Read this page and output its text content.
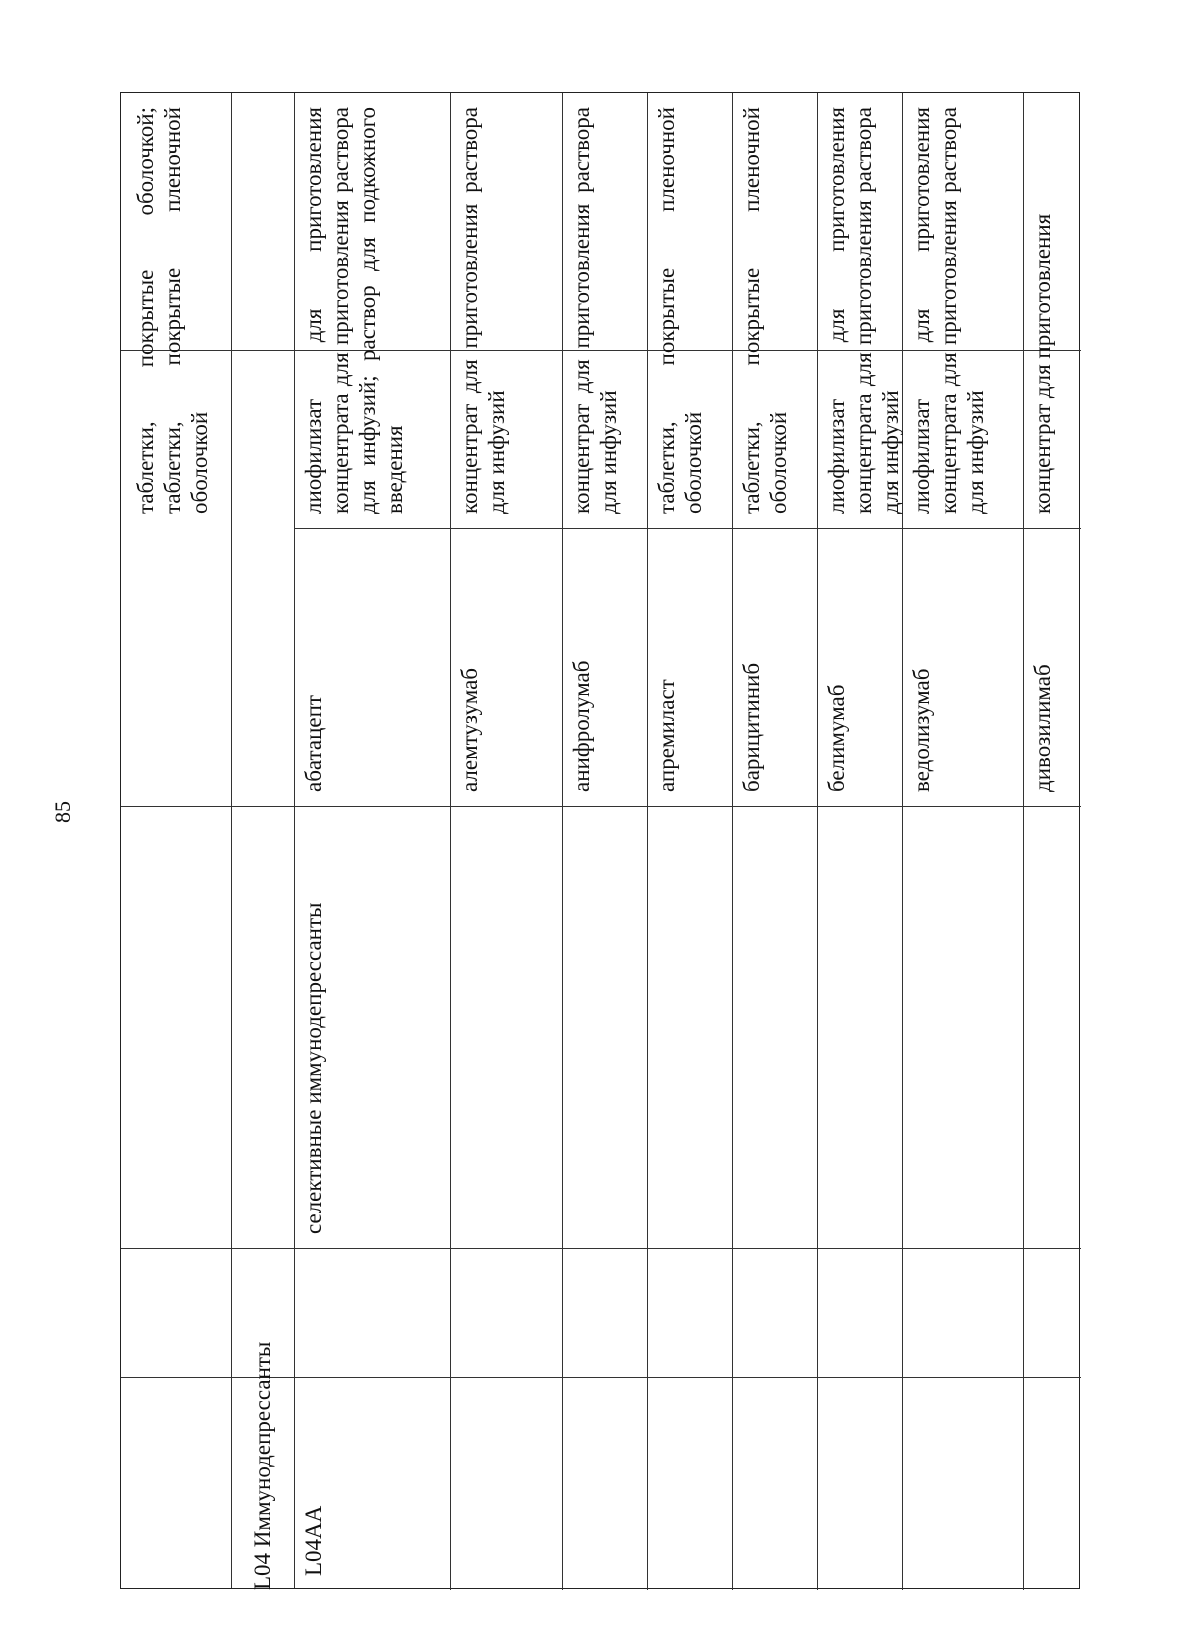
85
таблетки, покрытые оболочкой; таблетки, покрытые пленочной оболочкой
L04 Иммунодепрессанты	L04AA
селективные иммунодепрессанты
абатацепт
лиофилизат для приготовления концентрата для приготовления раствора для инфузий; раствор для подкожного введения
алемтузумаб
концентрат для приготовления раствора для инфузий
анифролумаб
концентрат для приготовления раствора для инфузий
апремиласт
таблетки, покрытые пленочной оболочкой
барицитиниб
таблетки, покрытые пленочной оболочкой
белимумаб
лиофилизат для приготовления концентрата для приготовления раствора для инфузий
ведолизумаб
лиофилизат для приготовления концентрата для приготовления раствора для инфузий
дивозилимаб
концентрат для приготовления
